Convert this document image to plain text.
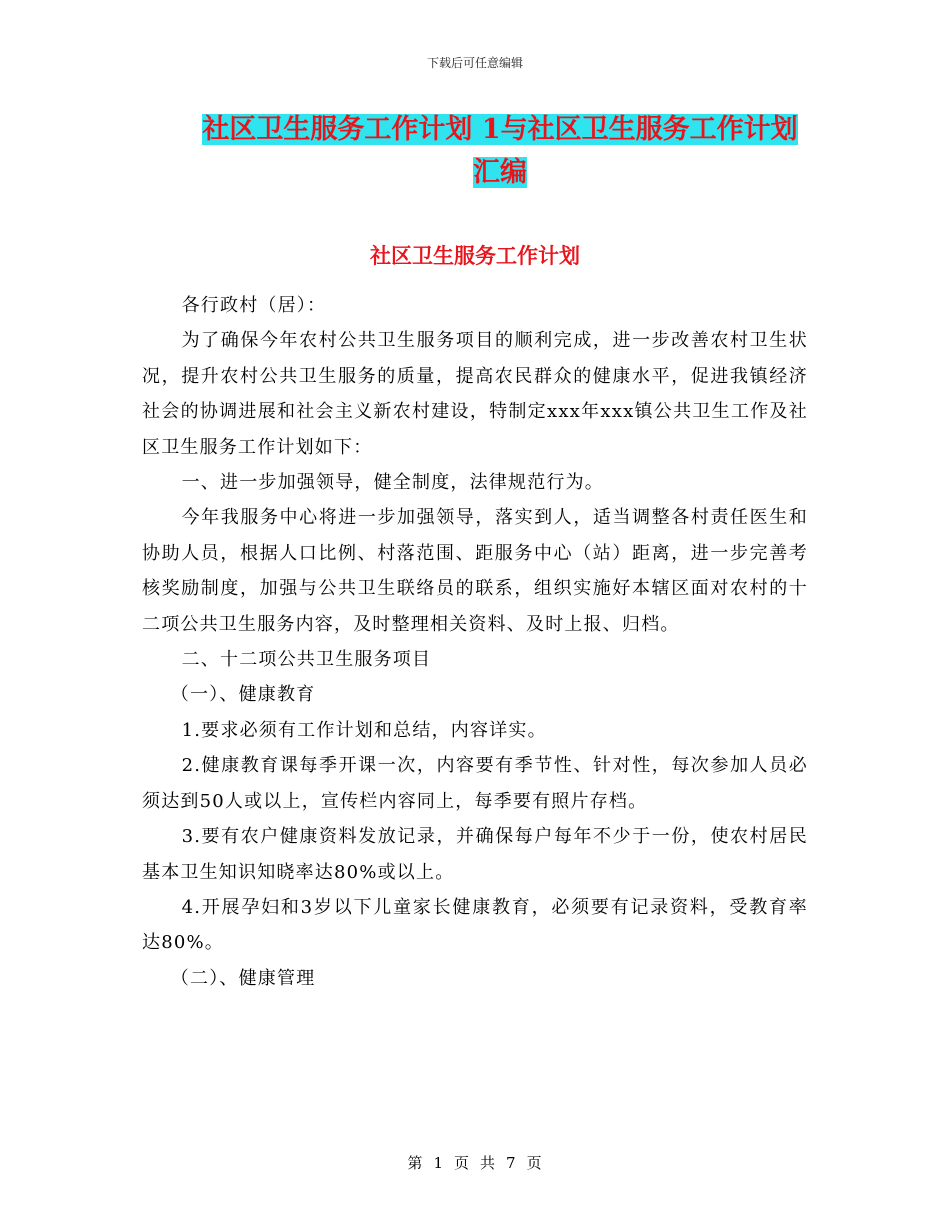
下载后可任意编辑
社区卫生服务工作计划 1与社区卫生服务工作计划汇编
社区卫生服务工作计划

各行政村（居）：

为了确保今年农村公共卫生服务项目的顺利完成，进一步改善农村卫生状况，提升农村公共卫生服务的质量，提高农民群众的健康水平，促进我镇经济社会的协调进展和社会主义新农村建设，特制定xxx年xxx镇公共卫生工作及社区卫生服务工作计划如下：

一、进一步加强领导，健全制度，法律规范行为。

今年我服务中心将进一步加强领导，落实到人，适当调整各村责任医生和协助人员，根据人口比例、村落范围、距服务中心（站）距离，进一步完善考核奖励制度，加强与公共卫生联络员的联系，组织实施好本辖区面对农村的十二项公共卫生服务内容，及时整理相关资料、及时上报、归档。

二、十二项公共卫生服务项目

（一）、健康教育

1.要求必须有工作计划和总结，内容详实。

2.健康教育课每季开课一次，内容要有季节性、针对性，每次参加人员必须达到50人或以上，宣传栏内容同上，每季要有照片存档。

3.要有农户健康资料发放记录，并确保每户每年不少于一份，使农村居民基本卫生知识知晓率达80%或以上。

4.开展孕妇和3岁以下儿童家长健康教育，必须要有记录资料，受教育率达80%。

（二）、健康管理

第 1 页 共 7 页
